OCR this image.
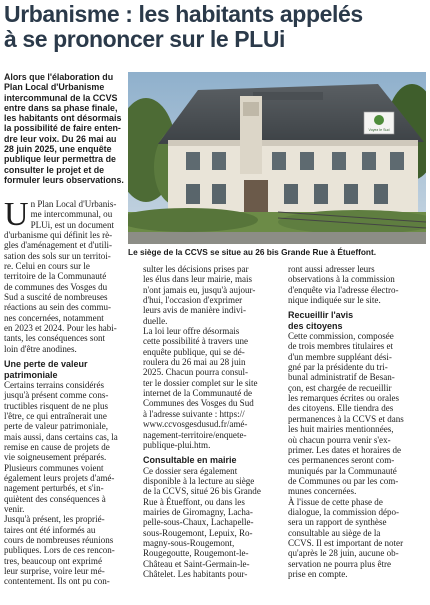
Urbanisme : les habitants appelés
à se prononcer sur le PLUi
Alors que l'élaboration du
Plan Local d'Urbanisme
intercommunal de la CCVS
entre dans sa phase finale,
les habitants ont désormais
la possibilité de faire enten-
dre leur voix. Du 26 mai au
28 juin 2025, une enquête
publique leur permettra de
consulter le projet et de
formuler leurs observations.
Voyez le Sud
Le siège de la CCVS se situe au 26 bis Grande Rue à Étueffont.
U n Plan Local d'Urbanis-
me intercommunal, ou
PLUi, est un document
d'urbanisme qui définit les rè-
gles d'aménagement et d'utili-
sation des sols sur un territoi-
re. Celui en cours sur le
territoire de la Communauté
de communes des Vosges du
Sud a suscité de nombreuses
réactions au sein des commu-
nes concernées, notamment
en 2023 et 2024. Pour les habi-
tants, les conséquences sont
loin d'être anodines.
Une perte de valeur
patrimoniale
Certains terrains considérés
jusqu'à présent comme cons-
tructibles risquent de ne plus
l'être, ce qui entraînerait une
perte de valeur patrimoniale,
mais aussi, dans certains cas, la
remise en cause de projets de
vie soigneusement préparés.
Plusieurs communes voient
également leurs projets d'amé-
nagement perturbés, et s'in-
quiètent des conséquences à
venir.
Jusqu'à présent, les proprié-
taires ont été informés au
cours de nombreuses réunions
publiques. Lors de ces rencon-
tres, beaucoup ont exprimé
leur surprise, voire leur mé-
contentement. Ils ont pu con-
sulter les décisions prises par
les élus dans leur mairie, mais
n'ont jamais eu, jusqu'à aujour-
d'hui, l'occasion d'exprimer
leurs avis de manière indivi-
duelle.
La loi leur offre désormais
cette possibilité à travers une
enquête publique, qui se dé-
roulera du 26 mai au 28 juin
2025. Chacun pourra consul-
ter le dossier complet sur le site
internet de la Communauté de
Communes des Vosges du Sud
à l'adresse suivante : https://
www.ccvosgesdusud.fr/amé-
nagement-territoire/enquete-
publique-plui.htm.
Consultable en mairie
Ce dossier sera également
disponible à la lecture au siège
de la CCVS, situé 26 bis Grande
Rue à Étueffont, ou dans les
mairies de Giromagny, Lacha-
pelle-sous-Chaux, Lachapelle-
sous-Rougemont, Lepuix, Ro-
magny-sous-Rougemont,
Rougegoutte, Rougemont-le-
Château et Saint-Germain-le-
Châtelet. Les habitants pour-
ront aussi adresser leurs
observations à la commission
d'enquête via l'adresse électro-
nique indiquée sur le site.
Recueillir l'avis
des citoyens
Cette commission, composée
de trois membres titulaires et
d'un membre suppléant dési-
gné par la présidente du tri-
bunal administratif de Besan-
çon, est chargée de recueillir
les remarques écrites ou orales
des citoyens. Elle tiendra des
permanences à la CCVS et dans
les huit mairies mentionnées,
où chacun pourra venir s'ex-
primer. Les dates et horaires de
ces permanences seront com-
muniqués par la Communauté
de Communes ou par les com-
munes concernées.
À l'issue de cette phase de
dialogue, la commission dépo-
sera un rapport de synthèse
consultable au siège de la
CCVS. Il est important de noter
qu'après le 28 juin, aucune ob-
servation ne pourra plus être
prise en compte.
